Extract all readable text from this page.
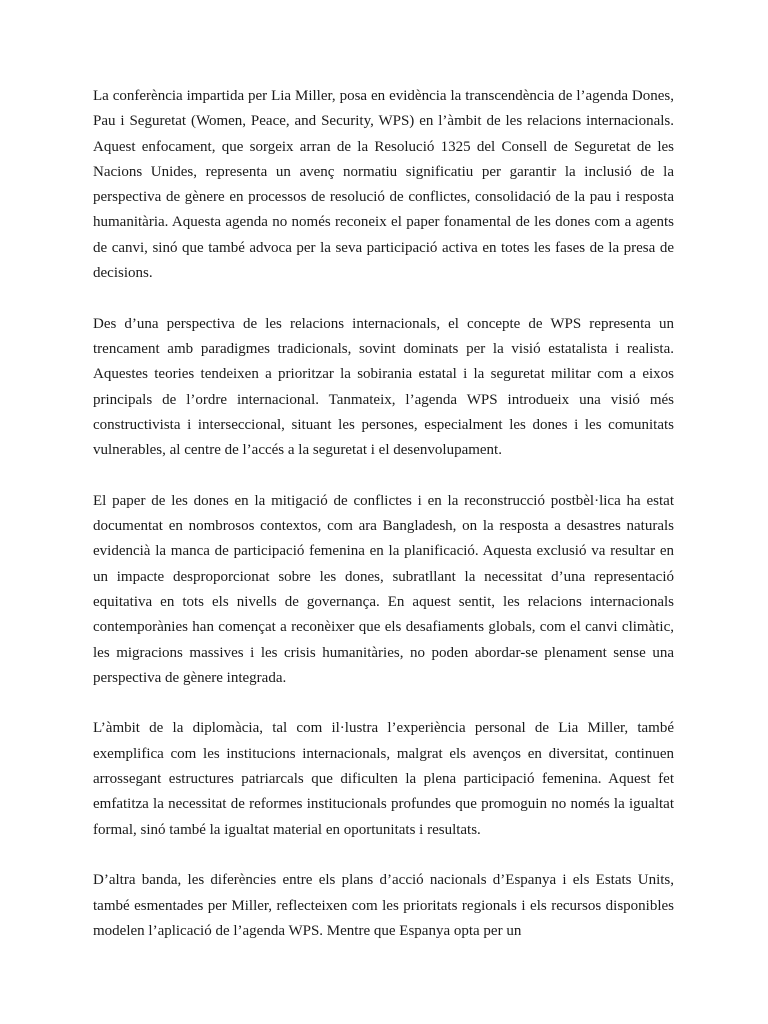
La conferència impartida per Lia Miller, posa en evidència la transcendència de l’agenda Dones, Pau i Seguretat (Women, Peace, and Security, WPS) en l’àmbit de les relacions internacionals. Aquest enfocament, que sorgeix arran de la Resolució 1325 del Consell de Seguretat de les Nacions Unides, representa un avenç normatiu significatiu per garantir la inclusió de la perspectiva de gènere en processos de resolució de conflictes, consolidació de la pau i resposta humanitària. Aquesta agenda no només reconeix el paper fonamental de les dones com a agents de canvi, sinó que també advoca per la seva participació activa en totes les fases de la presa de decisions.

Des d’una perspectiva de les relacions internacionals, el concepte de WPS representa un trencament amb paradigmes tradicionals, sovint dominats per la visió estatalista i realista. Aquestes teories tendeixen a prioritzar la sobirania estatal i la seguretat militar com a eixos principals de l’ordre internacional. Tanmateix, l’agenda WPS introdueix una visió més constructivista i interseccional, situant les persones, especialment les dones i les comunitats vulnerables, al centre de l’accés a la seguretat i el desenvolupament.

El paper de les dones en la mitigació de conflictes i en la reconstrucció postbèl·lica ha estat documentat en nombrosos contextos, com ara Bangladesh, on la resposta a desastres naturals evidencià la manca de participació femenina en la planificació. Aquesta exclusió va resultar en un impacte desproporcionat sobre les dones, subratllant la necessitat d’una representació equitativa en tots els nivells de governança. En aquest sentit, les relacions internacionals contemporànies han començat a reconèixer que els desafiaments globals, com el canvi climàtic, les migracions massives i les crisis humanitàries, no poden abordar-se plenament sense una perspectiva de gènere integrada.

L’àmbit de la diplomàcia, tal com il·lustra l’experiència personal de Lia Miller, també exemplifica com les institucions internacionals, malgrat els avenços en diversitat, continuen arrossegant estructures patriarcals que dificulten la plena participació femenina. Aquest fet emfatitza la necessitat de reformes institucionals profundes que promoguin no només la igualtat formal, sinó també la igualtat material en oportunitats i resultats.

D’altra banda, les diferències entre els plans d’acció nacionals d’Espanya i els Estats Units, també esmentades per Miller, reflecteixen com les prioritats regionals i els recursos disponibles modelen l’aplicació de l’agenda WPS. Mentre que Espanya opta per un
